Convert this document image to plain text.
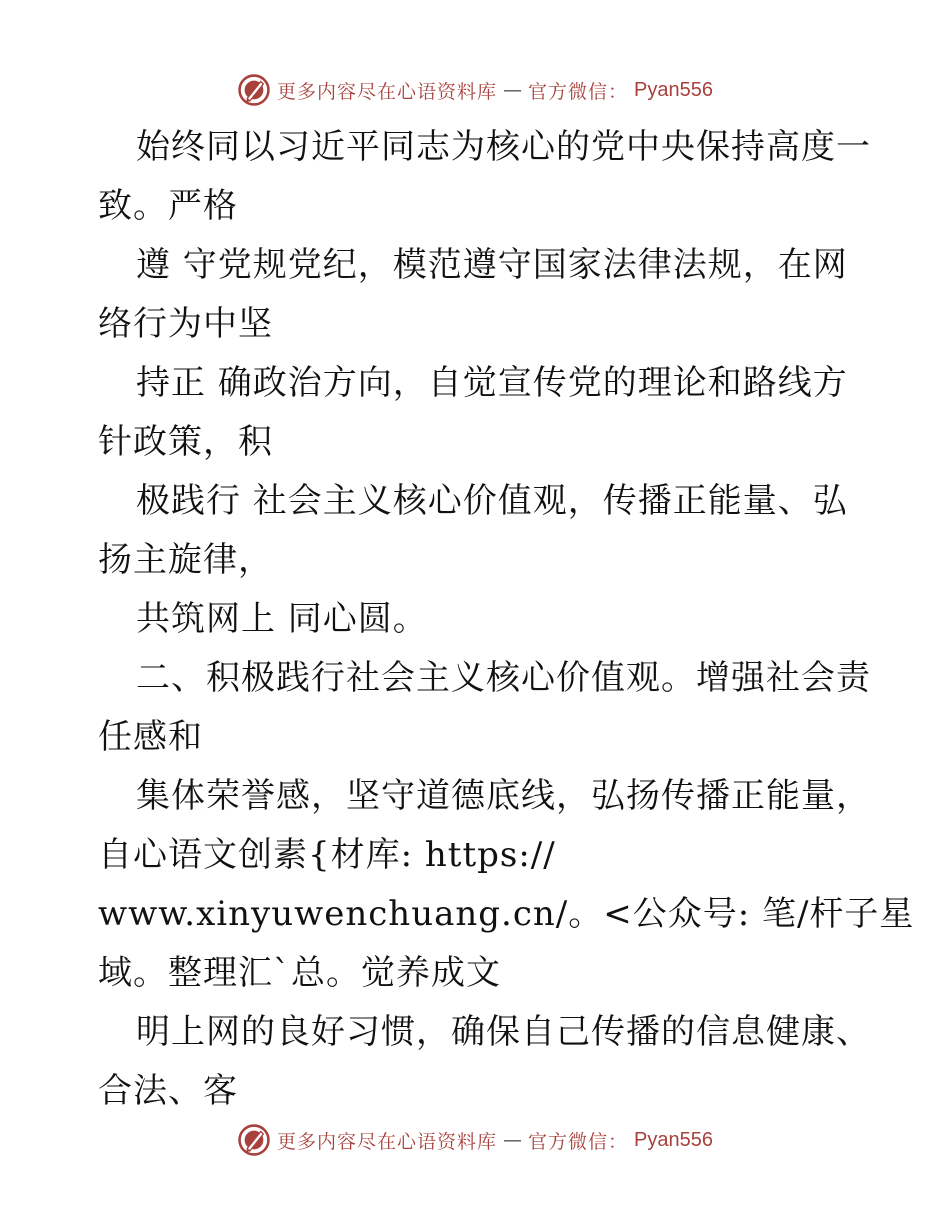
更多内容尽在心语资料库 — 官方微信： Pyan556
始终同以习近平同志为核心的党中央保持高度一
致。严格
遵 守党规党纪，模范遵守国家法律法规，在网
络行为中坚
持正 确政治方向，自觉宣传党的理论和路线方
针政策，积
极践行 社会主义核心价值观，传播正能量、弘
扬主旋律，
共筑网上 同心圆。
二、积极践行社会主义核心价值观。增强社会责
任感和
集体荣誉感，坚守道德底线，弘扬传播正能量，
自心语文创素{材库: https://
www.xinyuwenchuang.cn/。<公众号: 笔/杆子星
域。整理汇`总。觉养成文
明上网的良好习惯，确保自己传播的信息健康、
合法、客
更多内容尽在心语资料库 — 官方微信： Pyan556
